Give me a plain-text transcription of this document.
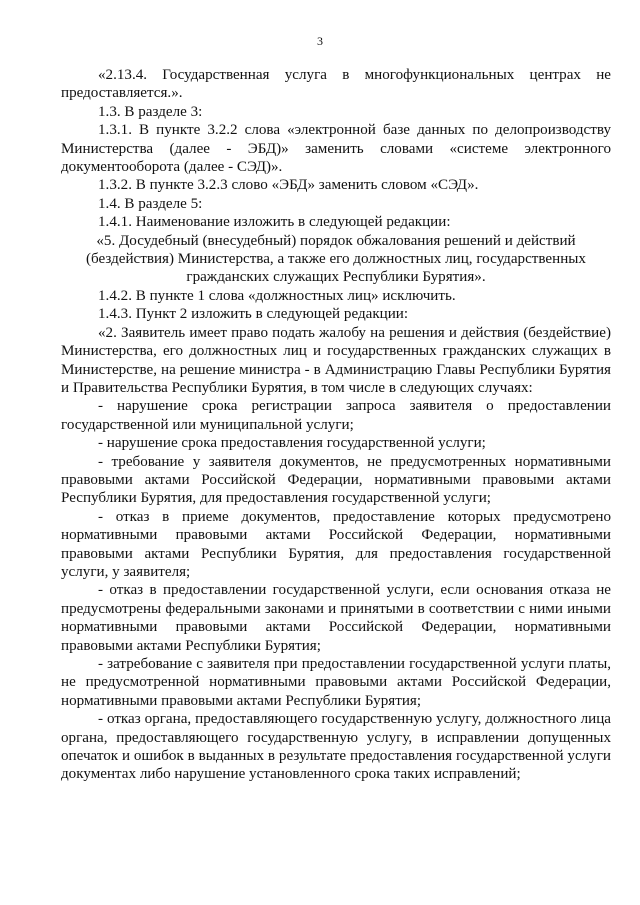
3

«2.13.4. Государственная услуга в многофункциональных центрах не предоставляется.».

1.3. В разделе 3:

1.3.1. В пункте 3.2.2 слова «электронной базе данных по делопроизводству Министерства (далее - ЭБД)» заменить словами «системе электронного документооборота (далее - СЭД)».

1.3.2. В пункте 3.2.3 слово «ЭБД» заменить словом «СЭД».

1.4. В разделе 5:

1.4.1. Наименование изложить в следующей редакции:

«5. Досудебный (внесудебный) порядок обжалования решений и действий (бездействия) Министерства, а также его должностных лиц, государственных гражданских служащих Республики Бурятия».

1.4.2. В пункте 1 слова «должностных лиц» исключить.

1.4.3. Пункт 2 изложить в следующей редакции:

«2. Заявитель имеет право подать жалобу на решения и действия (бездействие) Министерства, его должностных лиц и государственных гражданских служащих в Министерстве, на решение министра - в Администрацию Главы Республики Бурятия и Правительства Республики Бурятия, в том числе в следующих случаях:

- нарушение срока регистрации запроса заявителя о предоставлении государственной или муниципальной услуги;

- нарушение срока предоставления государственной услуги;

- требование у заявителя документов, не предусмотренных нормативными правовыми актами Российской Федерации, нормативными правовыми актами Республики Бурятия, для предоставления государственной услуги;

- отказ в приеме документов, предоставление которых предусмотрено нормативными правовыми актами Российской Федерации, нормативными правовыми актами Республики Бурятия, для предоставления государственной услуги, у заявителя;

- отказ в предоставлении государственной услуги, если основания отказа не предусмотрены федеральными законами и принятыми в соответствии с ними иными нормативными правовыми актами Российской Федерации, нормативными правовыми актами Республики Бурятия;

- затребование с заявителя при предоставлении государственной услуги платы, не предусмотренной нормативными правовыми актами Российской Федерации, нормативными правовыми актами Республики Бурятия;

- отказ органа, предоставляющего государственную услугу, должностного лица органа, предоставляющего государственную услугу, в исправлении допущенных опечаток и ошибок в выданных в результате предоставления государственной услуги документах либо нарушение установленного срока таких исправлений;
